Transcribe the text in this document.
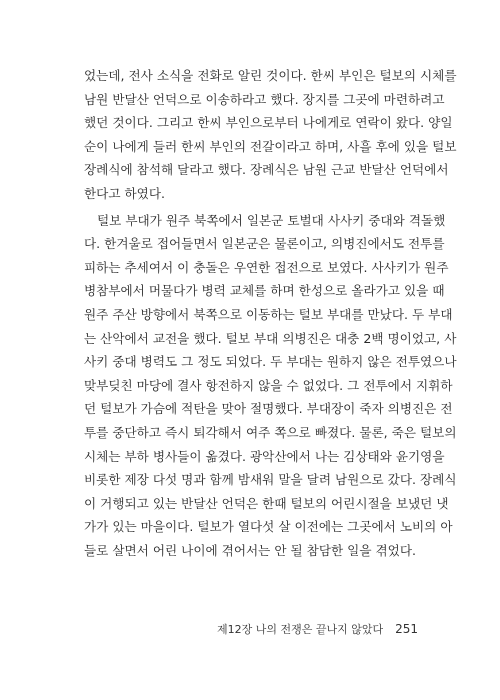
었는데, 전사 소식을 전화로 알린 것이다. 한씨 부인은 털보의 시체를
남원 반달산 언덕으로 이송하라고 했다. 장지를 그곳에 마련하려고
했던 것이다. 그리고 한씨 부인으로부터 나에게로 연락이 왔다. 양일
순이 나에게 들러 한씨 부인의 전갈이라고 하며, 사흘 후에 있을 털보
장례식에 참석해 달라고 했다. 장례식은 남원 근교 반달산 언덕에서
한다고 하였다.
털보 부대가 원주 북쪽에서 일본군 토벌대 사사키 중대와 격돌했
다. 한겨울로 접어들면서 일본군은 물론이고, 의병진에서도 전투를
피하는 추세여서 이 충돌은 우연한 접전으로 보였다. 사사키가 원주
병참부에서 머물다가 병력 교체를 하며 한성으로 올라가고 있을 때
원주 주산 방향에서 북쪽으로 이동하는 털보 부대를 만났다. 두 부대
는 산악에서 교전을 했다. 털보 부대 의병진은 대충 2백 명이었고, 사
사키 중대 병력도 그 정도 되었다. 두 부대는 원하지 않은 전투였으나
맞부딪친 마당에 결사 항전하지 않을 수 없었다. 그 전투에서 지휘하
던 털보가 가슴에 적탄을 맞아 절명했다. 부대장이 죽자 의병진은 전
투를 중단하고 즉시 퇴각해서 여주 쪽으로 빠졌다. 물론, 죽은 털보의
시체는 부하 병사들이 옮겼다. 광악산에서 나는 김상태와 윤기영을
비롯한 제장 다섯 명과 함께 밤새워 말을 달려 남원으로 갔다. 장례식
이 거행되고 있는 반달산 언덕은 한때 털보의 어린시절을 보냈던 냇
가가 있는 마을이다. 털보가 열다섯 살 이전에는 그곳에서 노비의 아
들로 살면서 어린 나이에 겪어서는 안 될 참담한 일을 겪었다.
제12장 나의 전쟁은 끝나지 않았다 251
